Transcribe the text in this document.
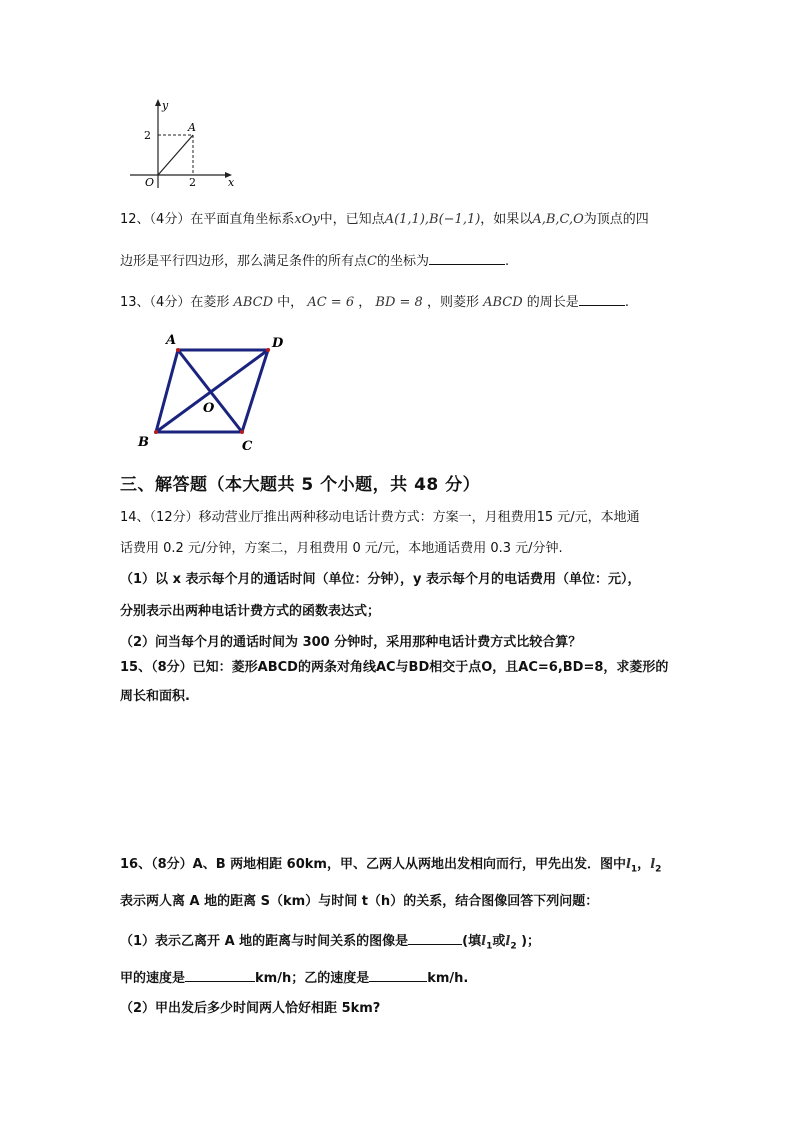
y
x
O
A
2
2
12、（4分）在平面直角坐标系xOy中，已知点A(1,1),B(−1,1)，如果以A,B,C,O为顶点的四
边形是平行四边形，那么满足条件的所有点C的坐标为	.
13、（4分）在菱形 ABCD 中， AC = 6 ， BD = 8 ，则菱形 ABCD 的周长是	.
A	D
B	C
O
三、解答题（本大题共 5 个小题，共 48 分）
14、（12分）移动营业厅推出两种移动电话计费方式：方案一，月租费用15 元/元，本地通
话费用 0.2 元/分钟，方案二，月租费用 0 元/元，本地通话费用 0.3 元/分钟.
（1）以 x 表示每个月的通话时间（单位：分钟），y 表示每个月的电话费用（单位：元），
分别表示出两种电话计费方式的函数表达式；
（2）问当每个月的通话时间为 300 分钟时，采用那种电话计费方式比较合算？
15、（8分）已知：菱形ABCD的两条对角线AC与BD相交于点O，且AC=6,BD=8，求菱形的
周长和面积.
16、（8分）A、B 两地相距 60km，甲、乙两人从两地出发相向而行，甲先出发．图中$l_1$，$l_2$
表示两人离 A 地的距离 S（km）与时间 t（h）的关系，结合图像回答下列问题：
（1）表示乙离开 A 地的距离与时间关系的图像是	(填$l_1$或$l_2$ )；
甲的速度是	km/h；乙的速度是	km/h.
（2）甲出发后多少时间两人恰好相距 5km?
